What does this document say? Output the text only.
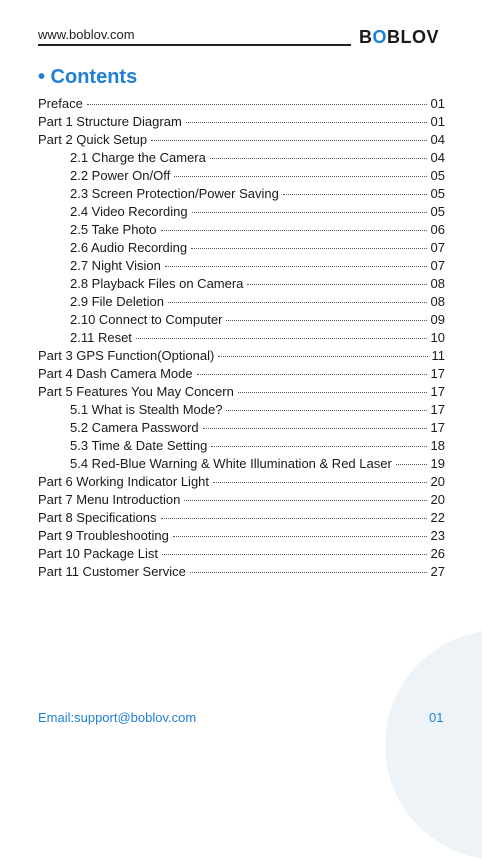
www.boblov.com	BOBLOV
• Contents
Preface	01
Part 1 Structure Diagram	01
Part 2 Quick Setup	04
2.1 Charge the Camera	04
2.2 Power On/Off	05
2.3 Screen Protection/Power Saving	05
2.4 Video Recording	05
2.5 Take Photo	06
2.6 Audio Recording	07
2.7 Night Vision	07
2.8 Playback Files on Camera	08
2.9 File Deletion	08
2.10 Connect to Computer	09
2.11 Reset	10
Part 3 GPS Function(Optional)	11
Part 4 Dash Camera Mode	17
Part 5 Features You May Concern	17
5.1 What is Stealth Mode?	17
5.2 Camera Password	17
5.3 Time & Date Setting	18
5.4 Red-Blue Warning & White Illumination & Red Laser	19
Part 6 Working Indicator Light	20
Part 7 Menu Introduction	20
Part 8 Specifications	22
Part 9 Troubleshooting	23
Part 10 Package List	26
Part 11 Customer Service	27
Email:support@boblov.com	01
